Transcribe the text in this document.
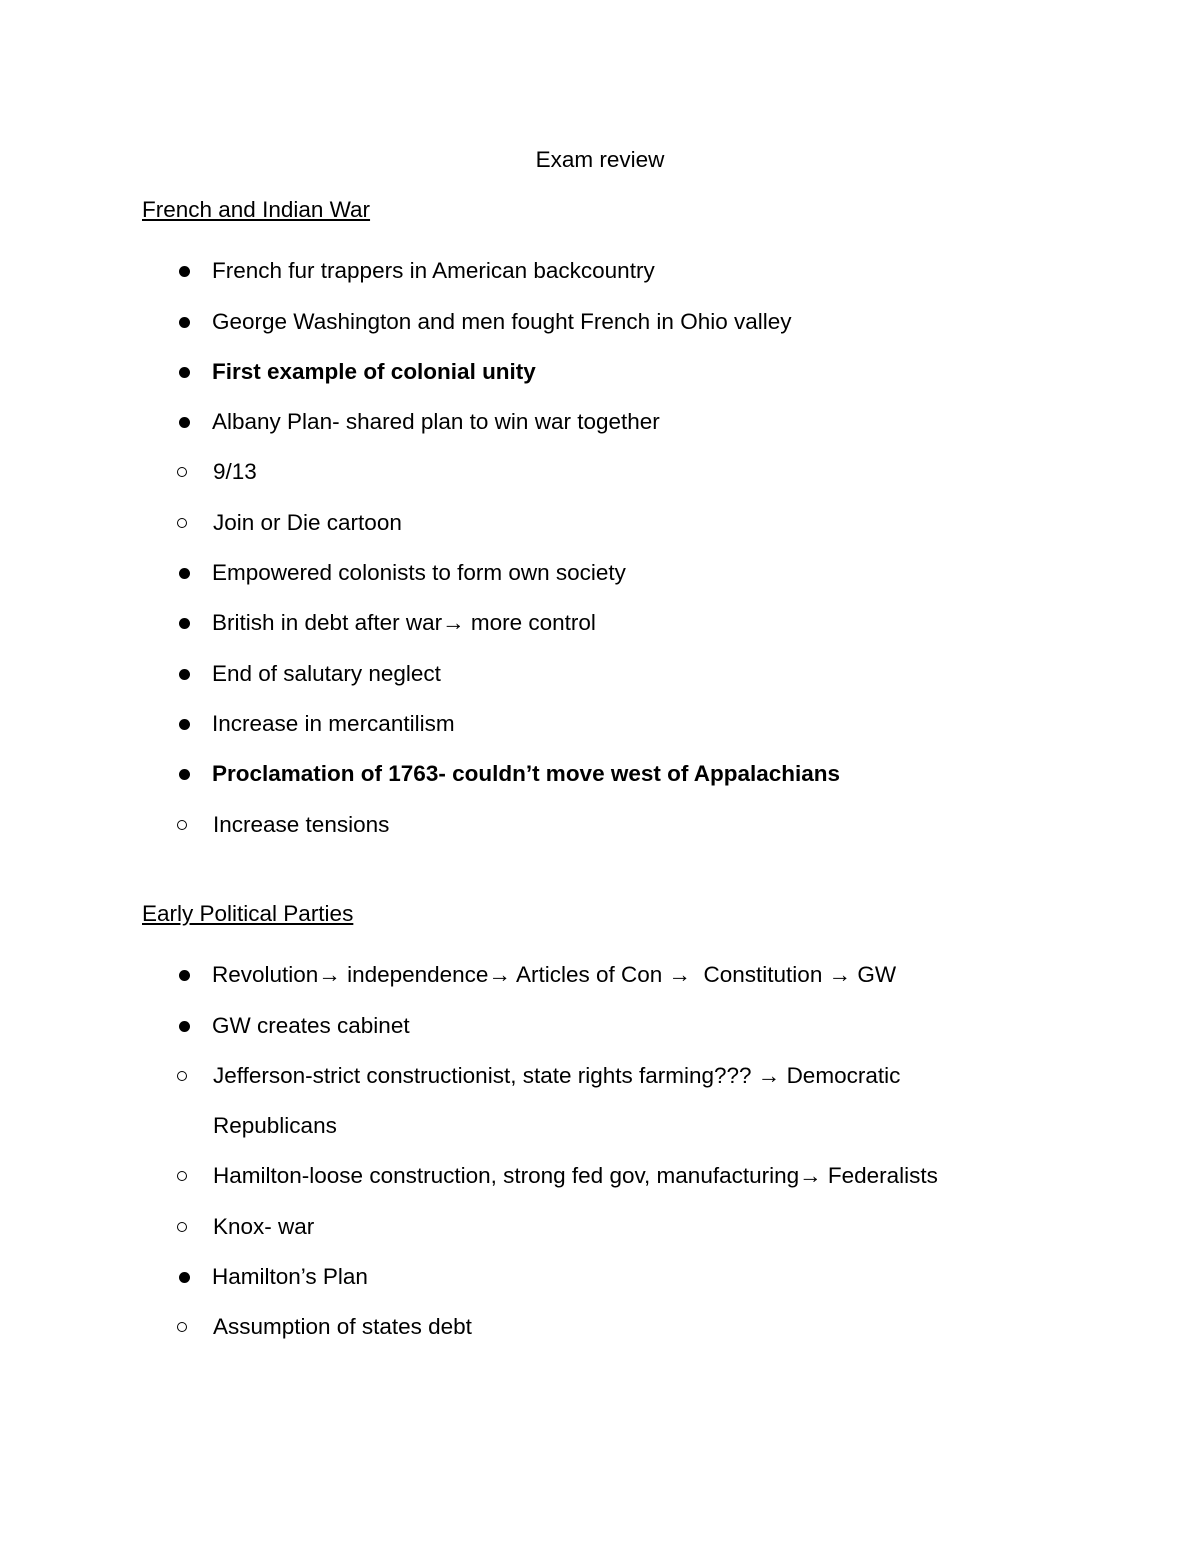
Exam review
French and Indian War
French fur trappers in American backcountry
George Washington and men fought French in Ohio valley
First example of colonial unity
Albany Plan- shared plan to win war together
9/13
Join or Die cartoon
Empowered colonists to form own society
British in debt after war→ more control
End of salutary neglect
Increase in mercantilism
Proclamation of 1763- couldn’t move west of Appalachians
Increase tensions
Early Political Parties
Revolution→ independence→ Articles of Con →  Constitution → GW
GW creates cabinet
Jefferson-strict constructionist, state rights farming??? → Democratic Republicans
Hamilton-loose construction, strong fed gov, manufacturing→ Federalists
Knox- war
Hamilton’s Plan
Assumption of states debt
